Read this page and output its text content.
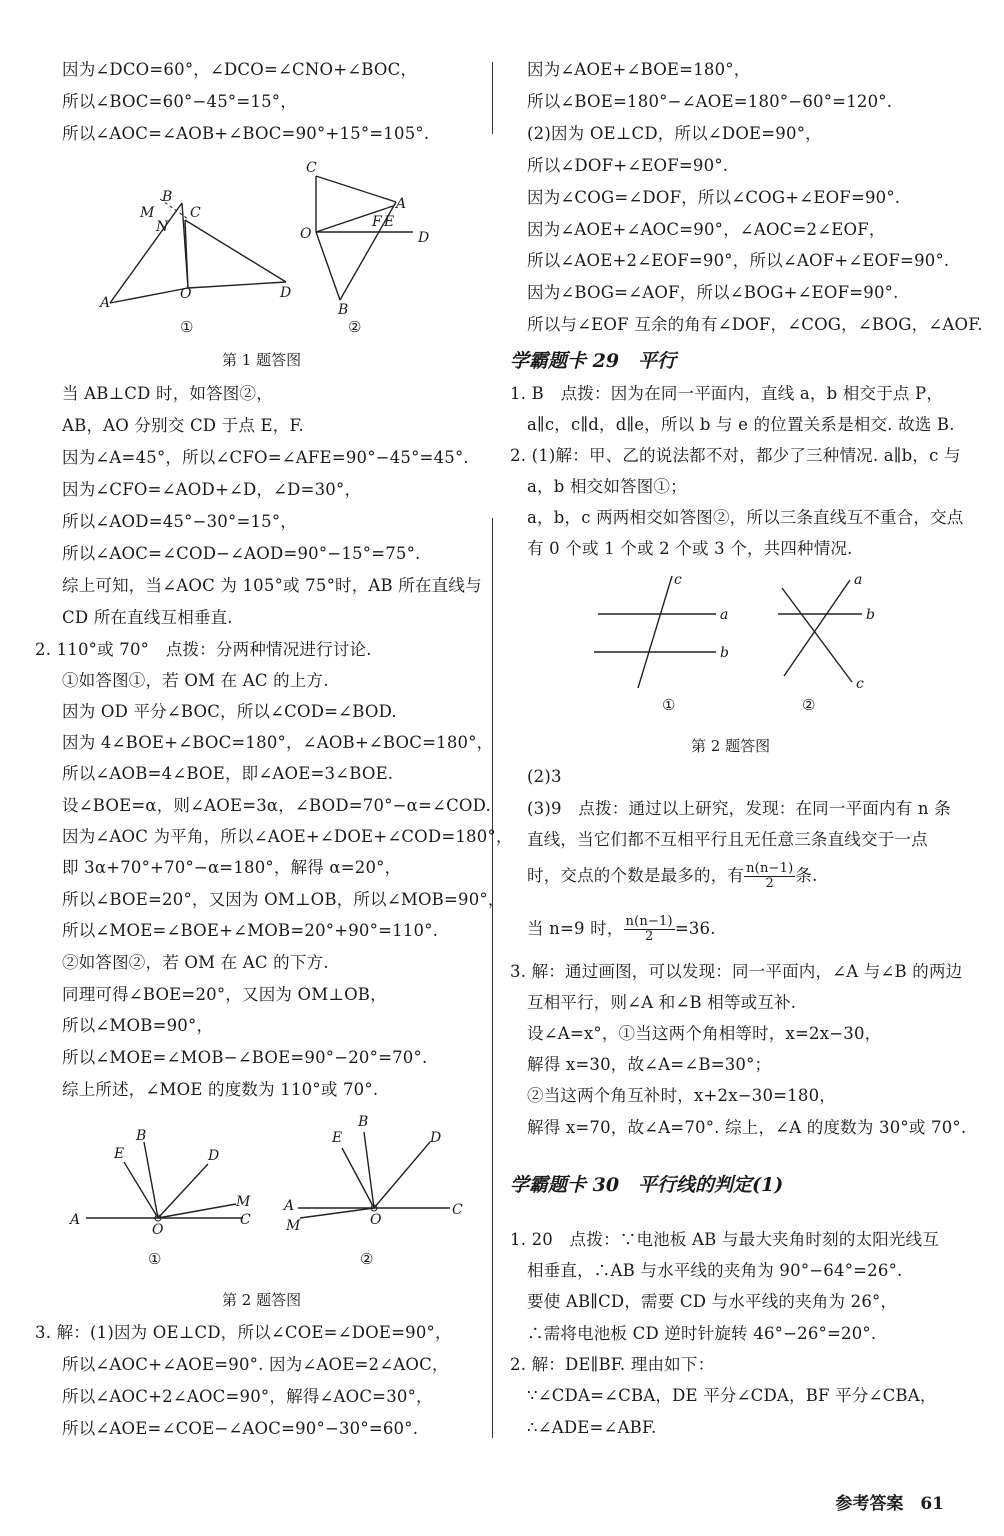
因为∠DCO=60°，∠DCO=∠CNO+∠BOC，
所以∠BOC=60°−45°=15°，
所以∠AOC=∠AOB+∠BOC=90°+15°=105°.
B
M
N
C
A
O	D
C
A
O
F E
D
B
①	②
第 1 题答图
当 AB⊥CD 时，如答图②，
AB，AO 分别交 CD 于点 E，F.
因为∠A=45°，所以∠CFO=∠AFE=90°−45°=45°.
因为∠CFO=∠AOD+∠D，∠D=30°，
所以∠AOD=45°−30°=15°，
所以∠AOC=∠COD−∠AOD=90°−15°=75°.
综上可知，当∠AOC 为 105°或 75°时，AB 所在直线与
CD 所在直线互相垂直.
2. 110°或 70°　点拨：分两种情况进行讨论.
①如答图①，若 OM 在 AC 的上方.
因为 OD 平分∠BOC，所以∠COD=∠BOD.
因为 4∠BOE+∠BOC=180°，∠AOB+∠BOC=180°，
所以∠AOB=4∠BOE，即∠AOE=3∠BOE.
设∠BOE=α，则∠AOE=3α，∠BOD=70°−α=∠COD.
因为∠AOC 为平角，所以∠AOE+∠DOE+∠COD=180°，
即 3α+70°+70°−α=180°，解得 α=20°，
所以∠BOE=20°，又因为 OM⊥OB，所以∠MOB=90°，
所以∠MOE=∠BOE+∠MOB=20°+90°=110°.
②如答图②，若 OM 在 AC 的下方.
同理可得∠BOE=20°，又因为 OM⊥OB，
所以∠MOB=90°，
所以∠MOE=∠MOB−∠BOE=90°−20°=70°.
综上所述，∠MOE 的度数为 110°或 70°.
B
E	D
M
A
O
C
E
B
D
A
M	O
C
①	②
第 2 题答图
3. 解：(1)因为 OE⊥CD，所以∠COE=∠DOE=90°，
所以∠AOC+∠AOE=90°. 因为∠AOE=2∠AOC，
所以∠AOC+2∠AOC=90°，解得∠AOC=30°，
所以∠AOE=∠COE−∠AOC=90°−30°=60°.
因为∠AOE+∠BOE=180°，
所以∠BOE=180°−∠AOE=180°−60°=120°.
(2)因为 OE⊥CD，所以∠DOE=90°，
所以∠DOF+∠EOF=90°.
因为∠COG=∠DOF，所以∠COG+∠EOF=90°.
因为∠AOE+∠AOC=90°，∠AOC=2∠EOF，
所以∠AOE+2∠EOF=90°，所以∠AOF+∠EOF=90°.
因为∠BOG=∠AOF，所以∠BOG+∠EOF=90°.
所以与∠EOF 互余的角有∠DOF，∠COG，∠BOG，∠AOF.
学霸题卡 29　平行
1. B　点拨：因为在同一平面内，直线 a，b 相交于点 P，
a∥c，c∥d，d∥e，所以 b 与 e 的位置关系是相交. 故选 B.
2. (1)解：甲、乙的说法都不对，都少了三种情况. a∥b，c 与
a，b 相交如答图①；
a，b，c 两两相交如答图②，所以三条直线互不重合，交点
有 0 个或 1 个或 2 个或 3 个，共四种情况.
c
a
b
a
b
c
①	②
第 2 题答图
(2)3
(3)9　点拨：通过以上研究，发现：在同一平面内有 n 条
直线，当它们都不互相平行且无任意三条直线交于一点
时，交点的个数是最多的，有 $\frac{n(n-1)}{2}$ 条.
当 n=9 时， $\frac{n(n-1)}{2} =36$.
3. 解：通过画图，可以发现：同一平面内，∠A 与∠B 的两边
互相平行，则∠A 和∠B 相等或互补.
设∠A=x°，①当这两个角相等时，x=2x−30，
解得 x=30，故∠A=∠B=30°；
②当这两个角互补时，x+2x−30=180，
解得 x=70，故∠A=70°. 综上，∠A 的度数为 30°或 70°.
学霸题卡 30　平行线的判定(1)
1. 20　点拨：∵电池板 AB 与最大夹角时刻的太阳光线互
相垂直，∴AB 与水平线的夹角为 90°−64°=26°.
要使 AB∥CD，需要 CD 与水平线的夹角为 26°，
∴需将电池板 CD 逆时针旋转 46°−26°=20°.
2. 解：DE∥BF. 理由如下：
∵∠CDA=∠CBA，DE 平分∠CDA，BF 平分∠CBA，
∴∠ADE=∠ABF.
参考答案　61
